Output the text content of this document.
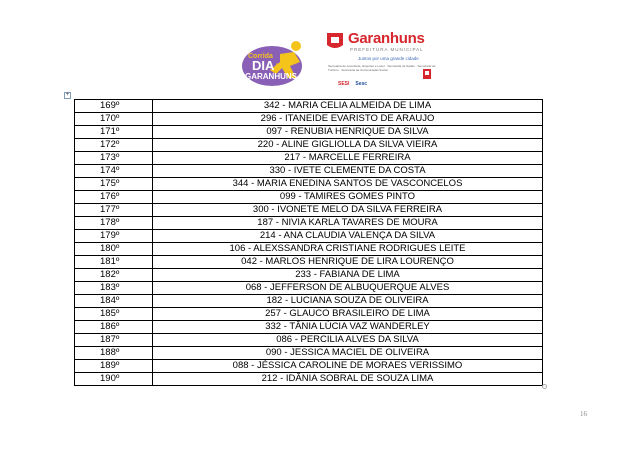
Corrida
DIA DE
GARANHUNS
Garanhuns
PREFEITURA MUNICIPAL
Juntos por uma grande cidade
Secretaria de Juventude, Esportes e Lazer · Secretaria de Saúde · Secretaria de Turismo · Secretaria de Comunicação Social
SESI Sesc
+
169º	342 - MARIA CELIA ALMEIDA DE LIMA
170º	296 - ITANEIDE EVARISTO DE ARAUJO
171º	097 - RENUBIA HENRIQUE DA SILVA
172º	220 - ALINE GIGLIOLLA DA SILVA VIEIRA
173º	217 - MARCELLE FERREIRA
174º	330 - IVETE CLEMENTE DA COSTA
175º	344 - MARIA ENEDINA SANTOS DE VASCONCELOS
176º	099 - TAMIRES GOMES PINTO
177º	300 - IVONETE MELO DA SILVA FERREIRA
178º	187 - NIVIA KARLA TAVARES DE MOURA
179º	214 - ANA CLAUDIA VALENÇA DA SILVA
180º	106 - ALEXSSANDRA CRISTIANE RODRIGUES LEITE
181º	042 - MARLOS HENRIQUE DE LIRA LOURENÇO
182º	233 - FABIANA DE LIMA
183º	068 - JEFFERSON DE ALBUQUERQUE ALVES
184º	182 - LUCIANA SOUZA DE OLIVEIRA
185º	257 - GLAUCO BRASILEIRO DE LIMA
186º	332 - TÂNIA LÚCIA VAZ WANDERLEY
187º	086 - PERCILIA ALVES DA SILVA
188º	090 - JESSICA MACIEL DE OLIVEIRA
189º	088 - JÉSSICA CAROLINE DE MORAES VERISSIMO
190º	212 - IDÂNIA SOBRAL DE SOUZA LIMA
16
